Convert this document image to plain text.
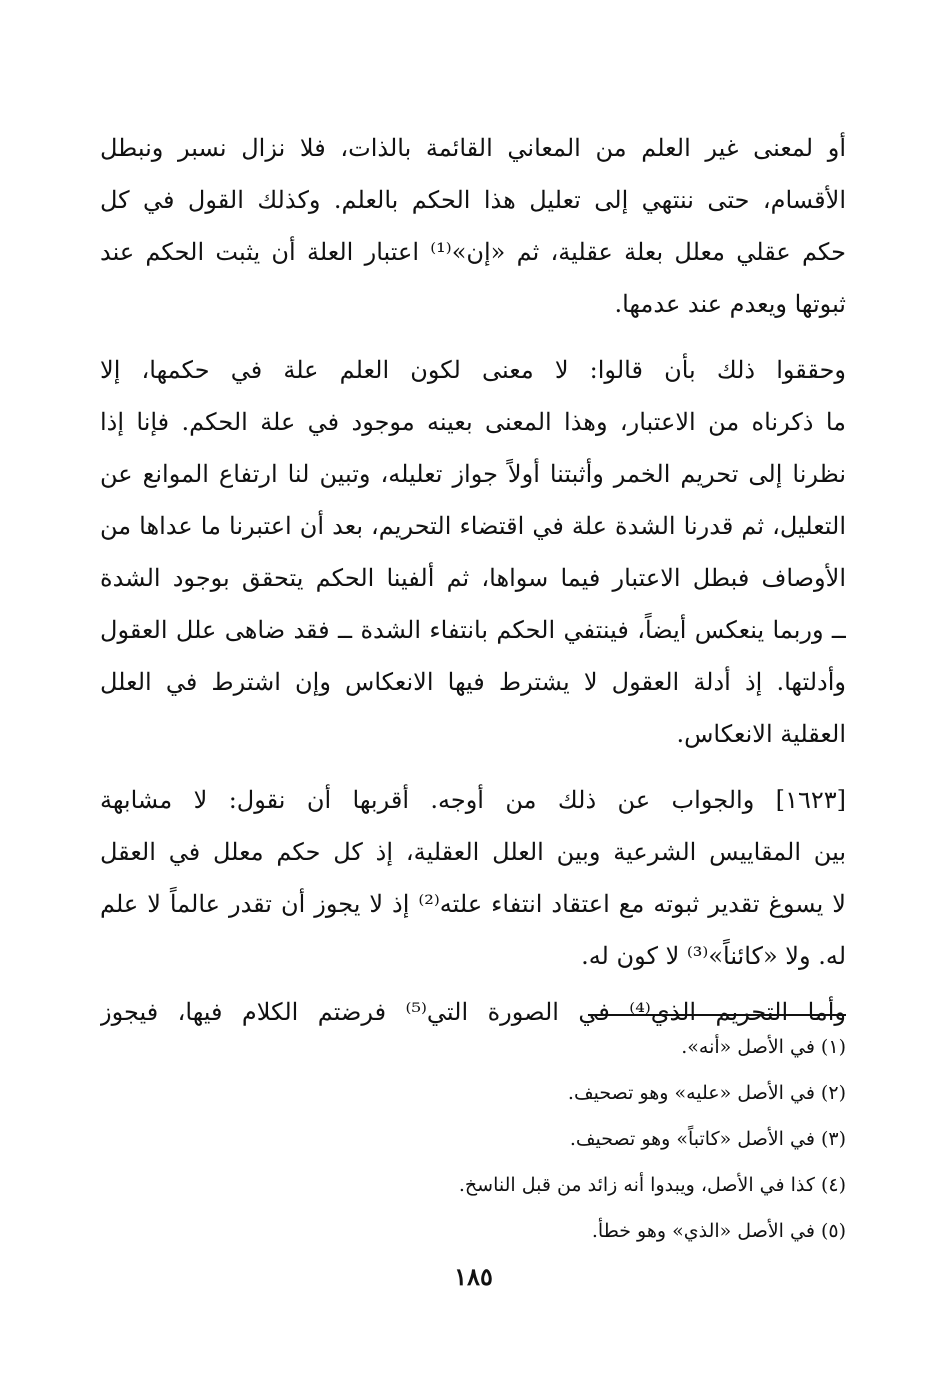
أو لمعنى غير العلم من المعاني القائمة بالذات، فلا نزال نسبر ونبطل
الأقسام، حتى ننتهي إلى تعليل هذا الحكم بالعلم. وكذلك القول في كل
حكم عقلي معلل بعلة عقلية، ثم «إن»⁽¹⁾ اعتبار العلة أن يثبت الحكم عند
ثبوتها ويعدم عند عدمها.
وحققوا ذلك بأن قالوا: لا معنى لكون العلم علة في حكمها، إلا
ما ذكرناه من الاعتبار، وهذا المعنى بعينه موجود في علة الحكم. فإنا إذا
نظرنا إلى تحريم الخمر وأثبتنا أولاً جواز تعليله، وتبين لنا ارتفاع الموانع عن
التعليل، ثم قدرنا الشدة علة في اقتضاء التحريم، بعد أن اعتبرنا ما عداها من
الأوصاف فبطل الاعتبار فيما سواها، ثم ألفينا الحكم يتحقق بوجود الشدة
ــ وربما ينعكس أيضاً، فينتفي الحكم بانتفاء الشدة ــ فقد ضاهى علل العقول
وأدلتها. إذ أدلة العقول لا يشترط فيها الانعكاس وإن اشترط في العلل
العقلية الانعكاس.
[١٦٢٣] والجواب عن ذلك من أوجه. أقربها أن نقول: لا مشابهة
بين المقاييس الشرعية وبين العلل العقلية، إذ كل حكم معلل في العقل
لا يسوغ تقدير ثبوته مع اعتقاد انتفاء علته⁽²⁾ إذ لا يجوز أن تقدر عالماً لا علم
له. ولا «كائناً»⁽³⁾ لا كون له.
وأما التحريم الذي⁽⁴⁾ في الصورة التي⁽⁵⁾ فرضتم الكلام فيها، فيجوز
(١) في الأصل «أنه».
(٢) في الأصل «عليه» وهو تصحيف.
(٣) في الأصل «كاتباً» وهو تصحيف.
(٤) كذا في الأصل، ويبدوا أنه زائد من قبل الناسخ.
(٥) في الأصل «الذي» وهو خطأ.
١٨٥
